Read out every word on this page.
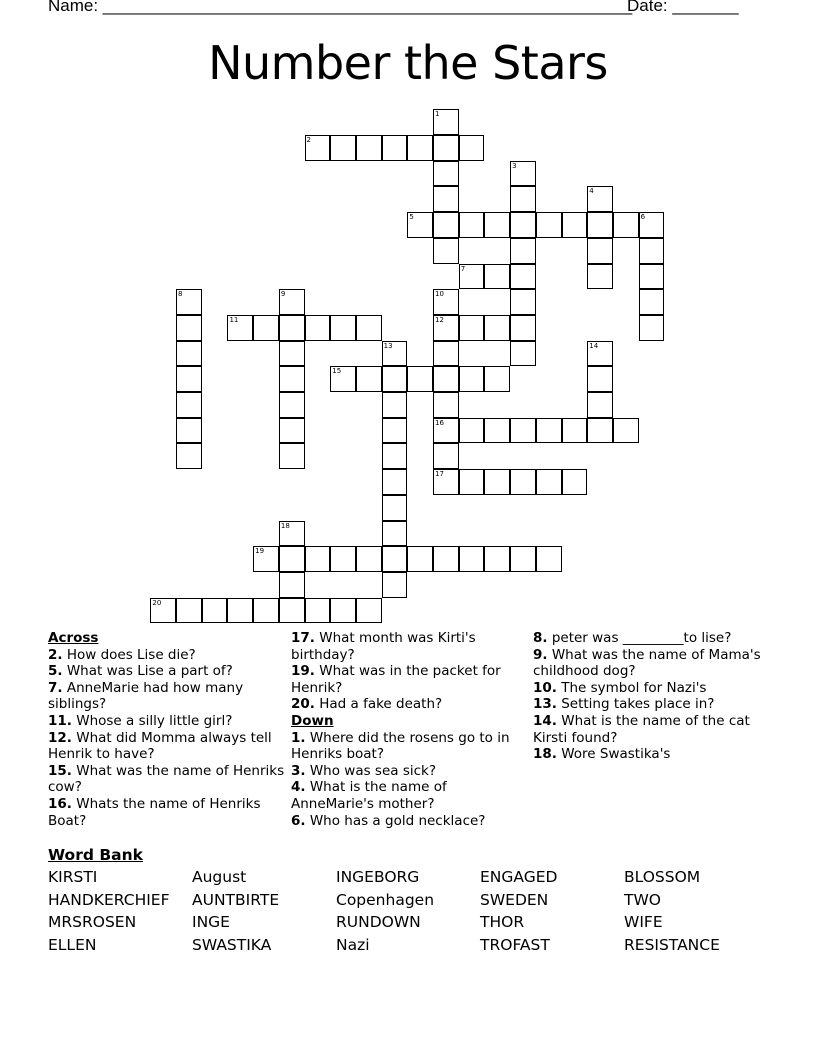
Name: ________________________________________________________
Date: _______
Number the Stars
1
2
3
4
5	6
7
8	9	10
12
16
17
11
13	14
15
18
19
20
Across
2. How does Lise die?
5. What was Lise a part of?
7. AnneMarie had how many siblings?
11. Whose a silly little girl?
12. What did Momma always tell Henrik to have?
15. What was the name of Henriks cow?
16. Whats the name of Henriks Boat?
17. What month was Kirti's birthday?
19. What was in the packet for Henrik?
20. Had a fake death?
Down
1. Where did the rosens go to in Henriks boat?
3. Who was sea sick?
4. What is the name of AnneMarie's mother?
6. Who has a gold necklace?
8. peter was _________to lise?
9. What was the name of Mama's childhood dog?
10. The symbol for Nazi's
13. Setting takes place in?
14. What is the name of the cat Kirsti found?
18. Wore Swastika's
Word Bank
KIRSTI
HANDKERCHIEF
MRSROSEN
ELLEN
August
AUNTBIRTE
INGE
SWASTIKA
INGEBORG
Copenhagen
RUNDOWN
Nazi
ENGAGED
SWEDEN
THOR
TROFAST
BLOSSOM
TWO
WIFE
RESISTANCE
